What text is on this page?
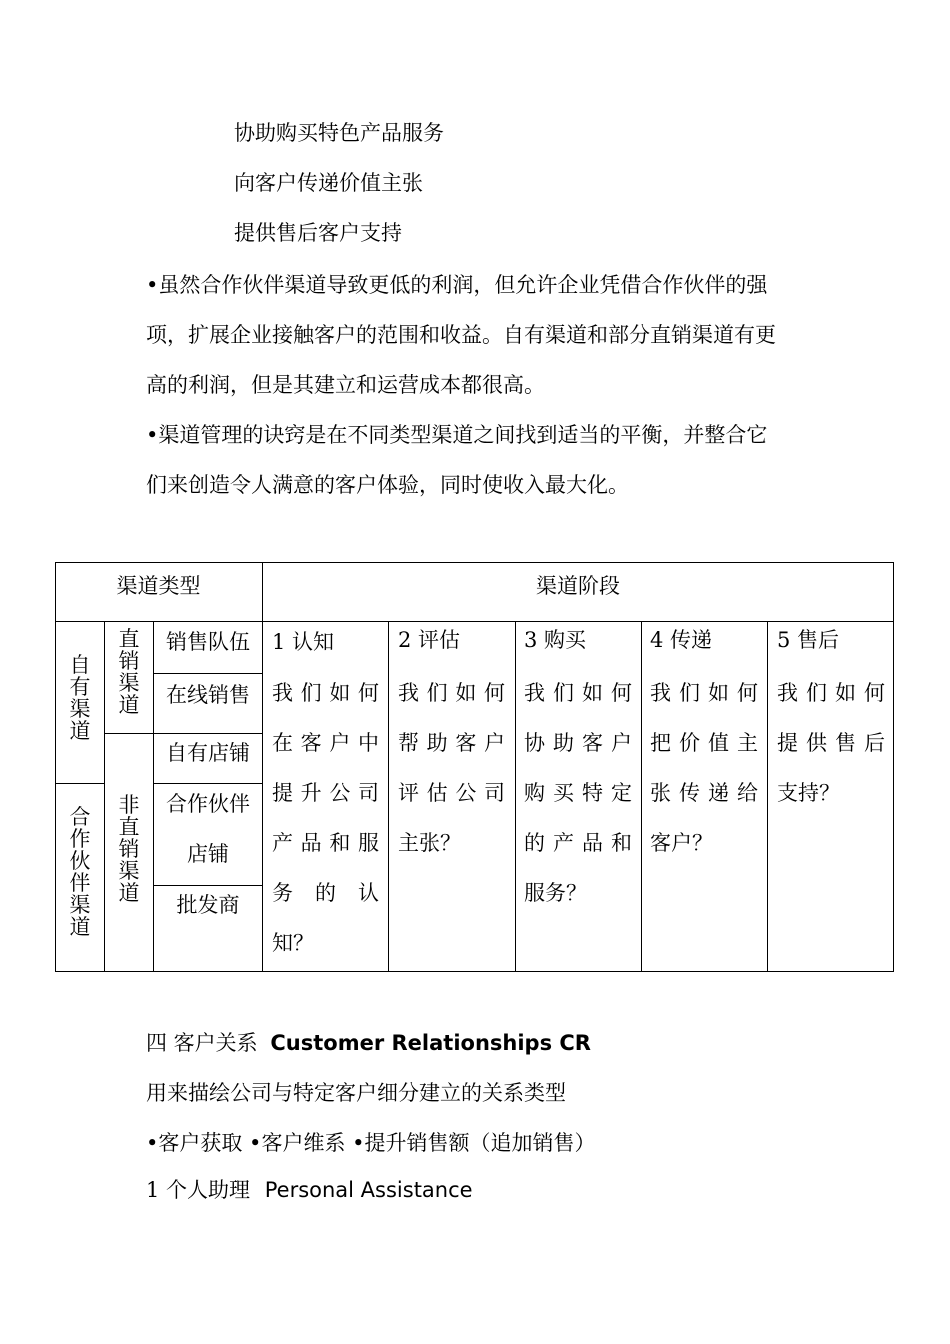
协助购买特色产品服务
向客户传递价值主张
提供售后客户支持
•虽然合作伙伴渠道导致更低的利润，但允许企业凭借合作伙伴的强
项，扩展企业接触客户的范围和收益。自有渠道和部分直销渠道有更
高的利润，但是其建立和运营成本都很高。
•渠道管理的诀窍是在不同类型渠道之间找到适当的平衡，并整合它
们来创造令人满意的客户体验，同时使收入最大化。
渠道类型	渠道阶段
自有渠道
合作伙伴渠道
直销渠道
非直销渠道
销售队伍
在线销售
自有店铺
合作伙伴
店铺
批发商
1 认知
我 们 如 何
在 客 户 中
提 升 公 司
产 品 和 服
务 的 认
知？
2 评估
我 们 如 何
帮 助 客 户
评 估 公 司
主张？
3 购买
我 们 如 何
协 助 客 户
购 买 特 定
的 产 品 和
服务？
4 传递
我 们 如 何
把 价 值 主
张 传 递 给
客户？
5 售后
我 们 如 何
提 供 售 后
支持？
四 客户关系 Customer Relationships CR
用来描绘公司与特定客户细分建立的关系类型
•客户获取 •客户维系 •提升销售额（追加销售）
1 个人助理 Personal Assistance
